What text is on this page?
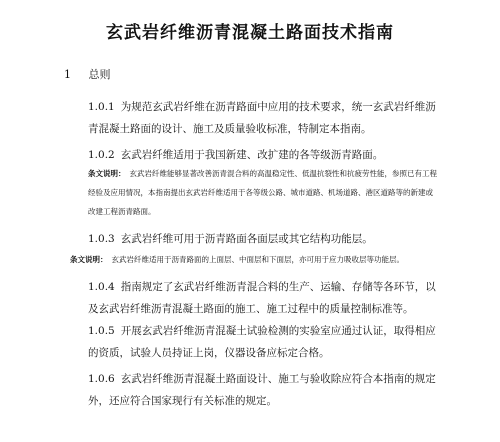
玄武岩纤维沥青混凝土路面技术指南
1 总则
1.0.1 为规范玄武岩纤维在沥青路面中应用的技术要求，统一玄武岩纤维沥青混凝土路面的设计、施工及质量验收标准，特制定本指南。
1.0.2 玄武岩纤维适用于我国新建、改扩建的各等级沥青路面。
条文说明： 玄武岩纤维能够显著改善沥青混合料的高温稳定性、低温抗裂性和抗疲劳性能，参照已有工程经验及应用情况，本指南提出玄武岩纤维适用于各等级公路、城市道路、机场道路、港区道路等的新建或改建工程沥青路面。
1.0.3 玄武岩纤维可用于沥青路面各面层或其它结构功能层。
条文说明： 玄武岩纤维适用于沥青路面的上面层、中面层和下面层，亦可用于应力吸收层等功能层。
1.0.4 指南规定了玄武岩纤维沥青混合料的生产、运输、存储等各环节，以及玄武岩纤维沥青混凝土路面的施工、施工过程中的质量控制标准等。
1.0.5 开展玄武岩纤维沥青混凝土试验检测的实验室应通过认证，取得相应的资质，试验人员持证上岗，仪器设备应标定合格。
1.0.6 玄武岩纤维沥青混凝土路面设计、施工与验收除应符合本指南的规定外，还应符合国家现行有关标准的规定。
